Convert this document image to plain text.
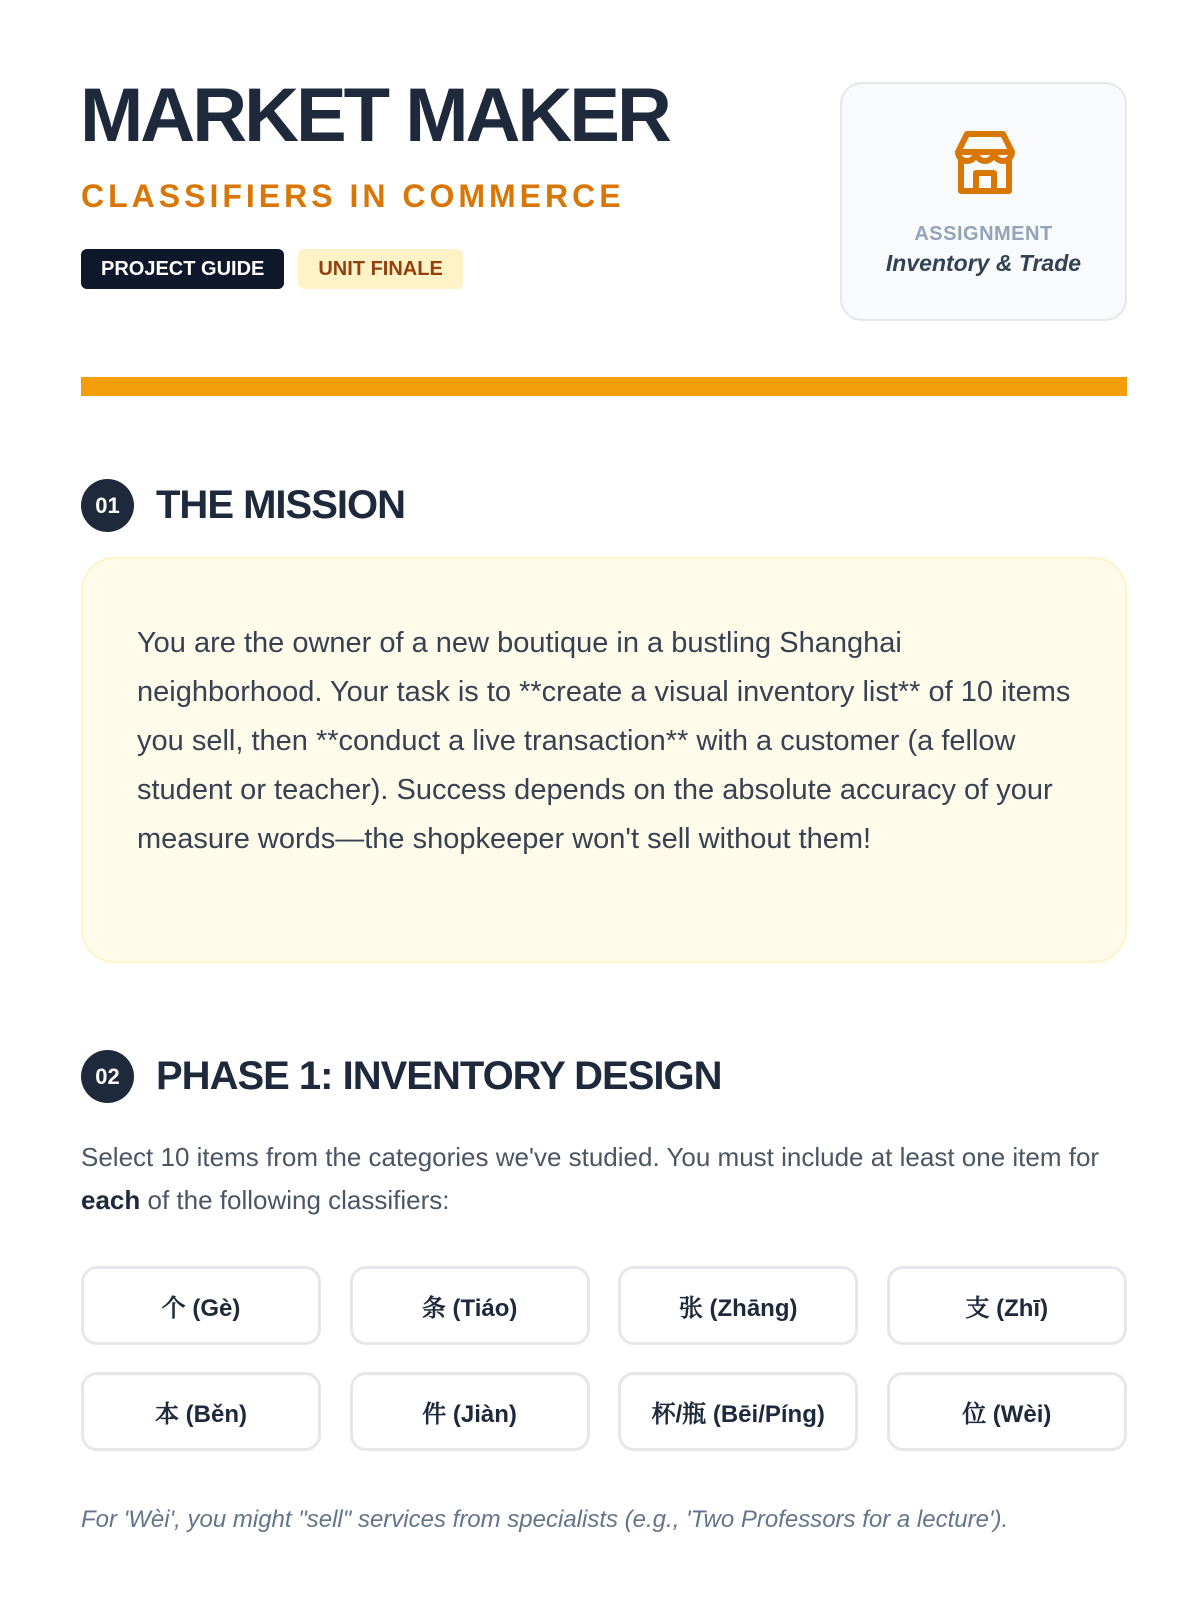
MARKET MAKER
CLASSIFIERS IN COMMERCE
PROJECT GUIDE	UNIT FINALE
ASSIGNMENT
Inventory & Trade
01 THE MISSION

You are the owner of a new boutique in a bustling Shanghai neighborhood. Your task is to **create a visual inventory list** of 10 items you sell, then **conduct a live transaction** with a customer (a fellow student or teacher). Success depends on the absolute accuracy of your measure words—the shopkeeper won't sell without them!

02 PHASE 1: INVENTORY DESIGN

Select 10 items from the categories we've studied. You must include at least one item for each of the following classifiers:

个 (Gè)	条 (Tiáo)	张 (Zhāng)	支 (Zhī)
本 (Běn)	件 (Jiàn)	杯/瓶 (Bēi/Píng)	位 (Wèi)

For 'Wèi', you might "sell" services from specialists (e.g., 'Two Professors for a lecture').
